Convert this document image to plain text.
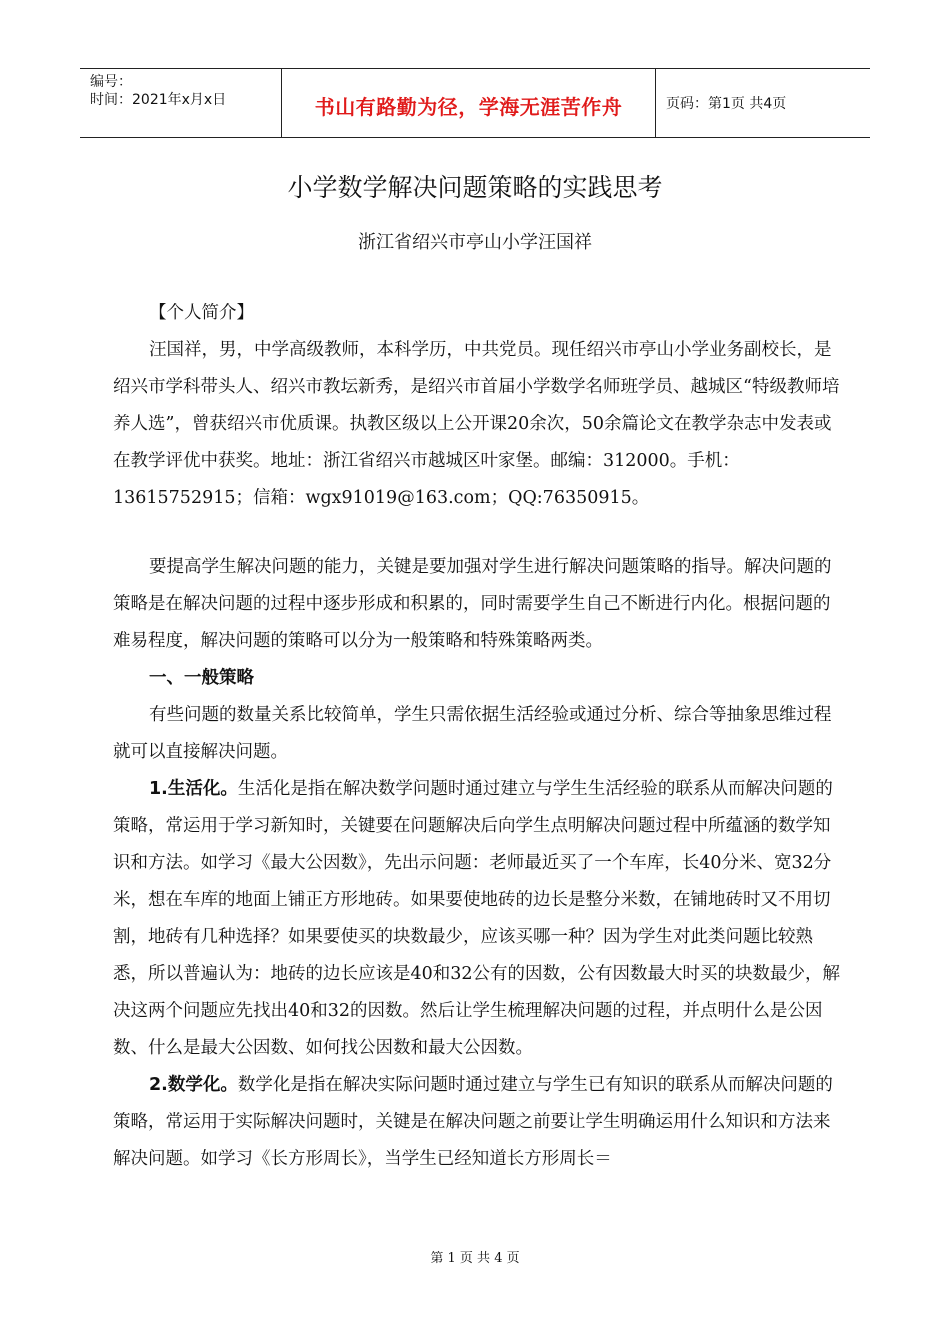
编号：
时间：2021年x月x日	书山有路勤为径，学海无涯苦作舟	页码：第1页 共4页
小学数学解决问题策略的实践思考
浙江省绍兴市亭山小学汪国祥

【个人简介】

汪国祥，男，中学高级教师，本科学历，中共党员。现任绍兴市亭山小学业务副校长，是绍兴市学科带头人、绍兴市教坛新秀，是绍兴市首届小学数学名师班学员、越城区“特级教师培养人选”，曾获绍兴市优质课。执教区级以上公开课20余次，50余篇论文在教学杂志中发表或在教学评优中获奖。地址：浙江省绍兴市越城区叶家堡。邮编：312000。手机：13615752915；信箱：wgx91019@163.com；QQ:76350915。

要提高学生解决问题的能力，关键是要加强对学生进行解决问题策略的指导。解决问题的策略是在解决问题的过程中逐步形成和积累的，同时需要学生自己不断进行内化。根据问题的难易程度，解决问题的策略可以分为一般策略和特殊策略两类。

一、一般策略

有些问题的数量关系比较简单，学生只需依据生活经验或通过分析、综合等抽象思维过程就可以直接解决问题。

1.生活化。生活化是指在解决数学问题时通过建立与学生生活经验的联系从而解决问题的策略，常运用于学习新知时，关键要在问题解决后向学生点明解决问题过程中所蕴涵的数学知识和方法。如学习《最大公因数》，先出示问题：老师最近买了一个车库，长40分米、宽32分米，想在车库的地面上铺正方形地砖。如果要使地砖的边长是整分米数，在铺地砖时又不用切割，地砖有几种选择？如果要使买的块数最少，应该买哪一种？因为学生对此类问题比较熟悉，所以普遍认为：地砖的边长应该是40和32公有的因数，公有因数最大时买的块数最少，解决这两个问题应先找出40和32的因数。然后让学生梳理解决问题的过程，并点明什么是公因数、什么是最大公因数、如何找公因数和最大公因数。

2.数学化。数学化是指在解决实际问题时通过建立与学生已有知识的联系从而解决问题的策略，常运用于实际解决问题时，关键是在解决问题之前要让学生明确运用什么知识和方法来解决问题。如学习《长方形周长》，当学生已经知道长方形周长＝

第 1 页 共 4 页
